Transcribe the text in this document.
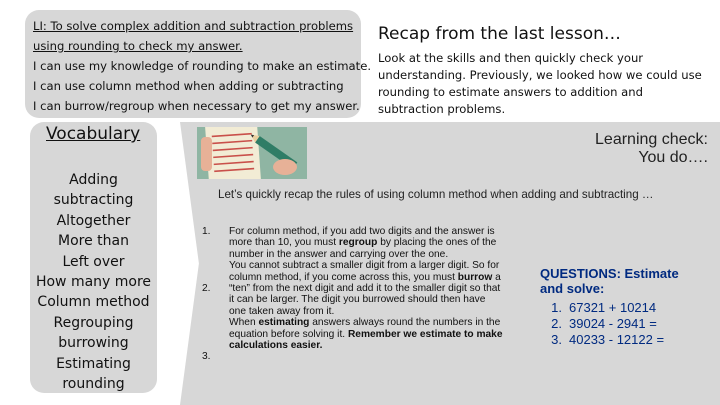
LI: To solve complex addition and subtraction problems
using rounding to check my answer.
I can use my knowledge of rounding to make an estimate.
I can use column method when adding or subtracting
I can burrow/regroup when necessary to get my answer.
Recap from the last lesson…
Look at the skills and then quickly check your
understanding. Previously, we looked how we could use
rounding to estimate answers to addition and
subtraction problems.
Vocabulary
Adding
subtracting
Altogether
More than
Left over
How many more
Column method
Regrouping
burrowing
Estimating
rounding
Learning check:
You do….
Let’s quickly recap the rules of using column method when adding and subtracting …
1.
2.
3.

For column method, if you add two digits and the answer is more than 10, you must regroup by placing the ones of the number in the answer and carrying over the one.

You cannot subtract a smaller digit from a larger digit. So for column method, if you come across this, you must burrow a “ten” from the next digit and add it to the smaller digit so that it can be larger. The digit you burrowed should then have one taken away from it.

When estimating answers always round the numbers in the equation before solving it. Remember we estimate to make calculations easier.

QUESTIONS: Estimate
and solve:
1. 67321 + 10214
2. 39024 - 2941 =
3. 40233 - 12122 =
